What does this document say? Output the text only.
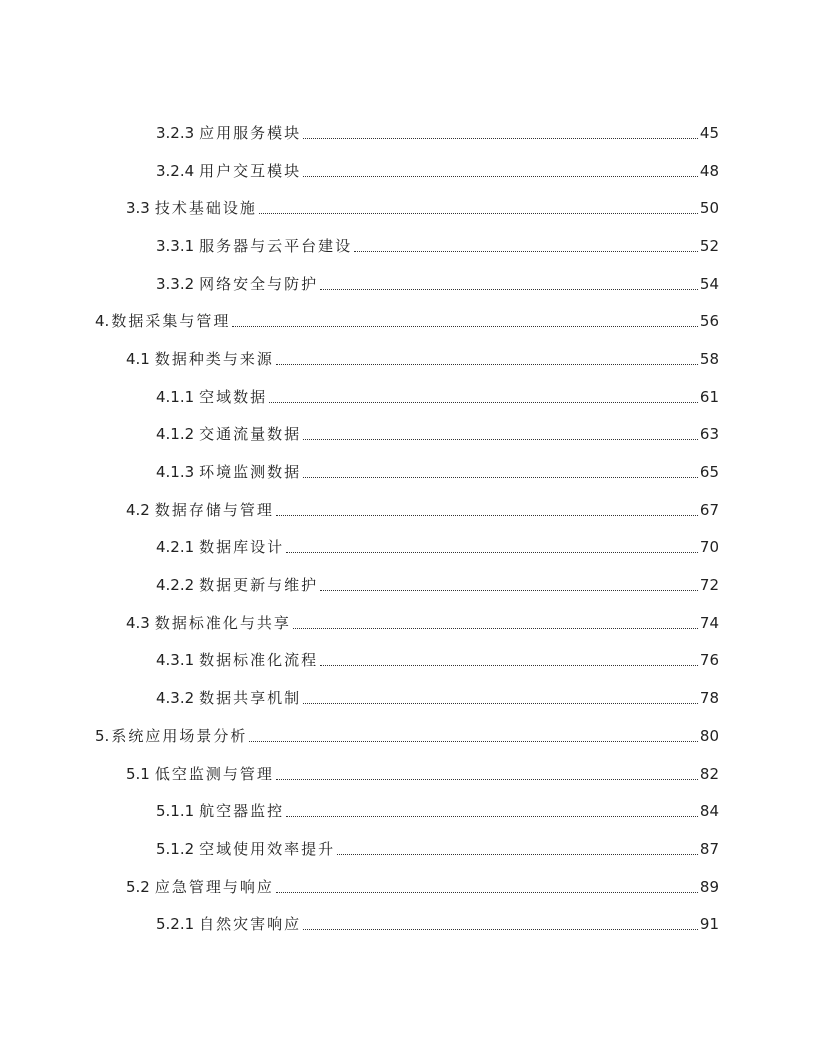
3.2.3 应用服务模块	45
3.2.4 用户交互模块	48
3.3 技术基础设施	50
3.3.1 服务器与云平台建设	52
3.3.2 网络安全与防护	54
4. 数据采集与管理	56
4.1 数据种类与来源	58
4.1.1 空域数据	61
4.1.2 交通流量数据	63
4.1.3 环境监测数据	65
4.2 数据存储与管理	67
4.2.1 数据库设计	70
4.2.2 数据更新与维护	72
4.3 数据标准化与共享	74
4.3.1 数据标准化流程	76
4.3.2 数据共享机制	78
5. 系统应用场景分析	80
5.1 低空监测与管理	82
5.1.1 航空器监控	84
5.1.2 空域使用效率提升	87
5.2 应急管理与响应	89
5.2.1 自然灾害响应	91
